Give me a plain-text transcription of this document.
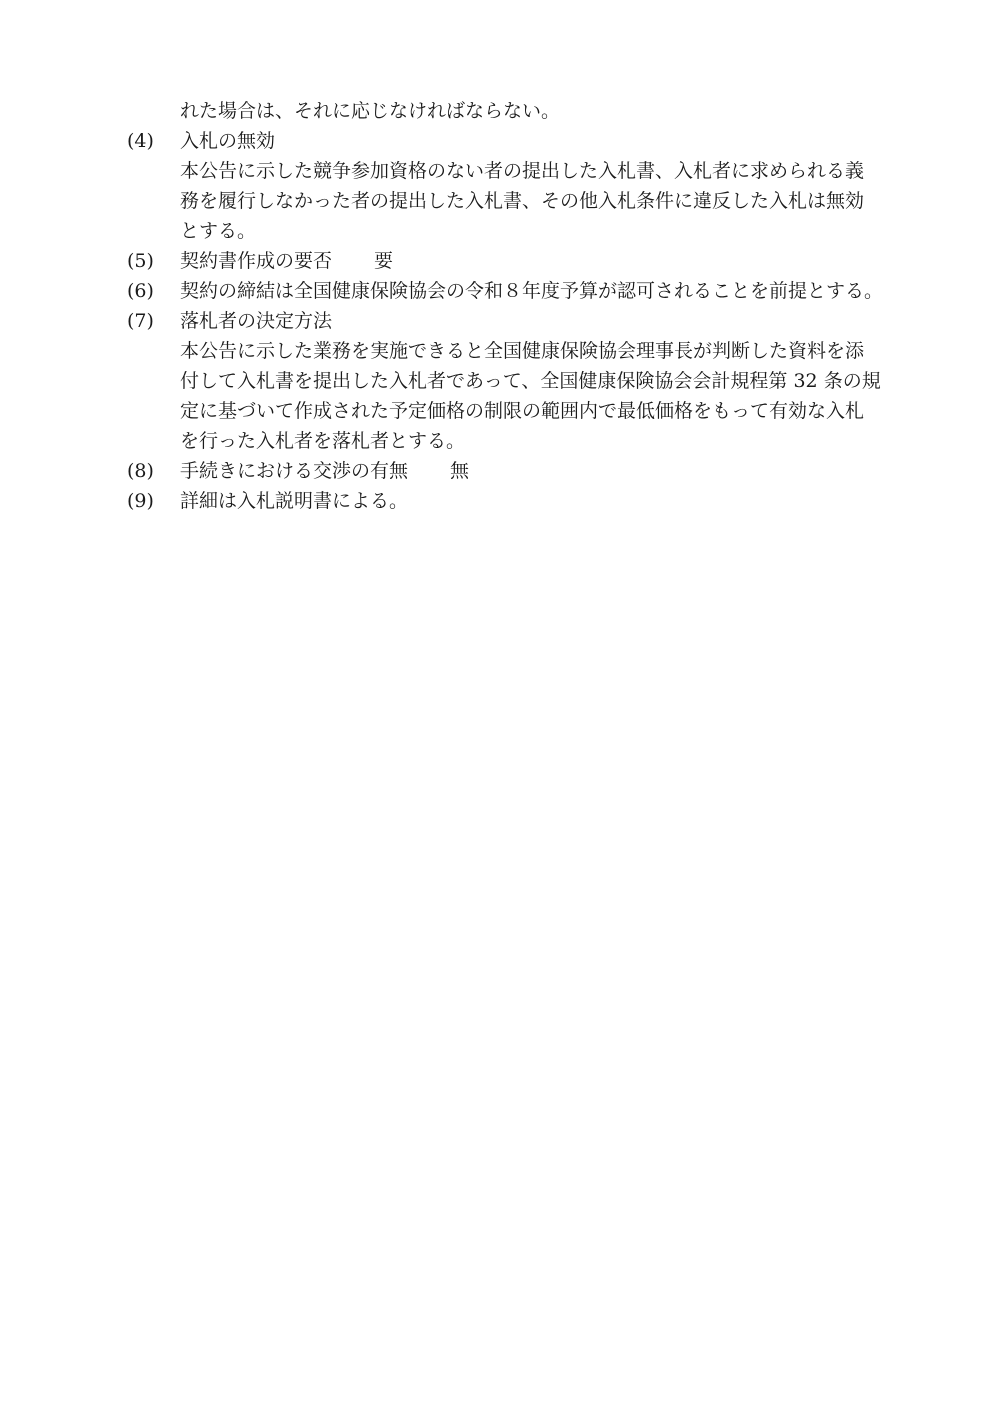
れた場合は、それに応じなければならない。
(4)	入札の無効
本公告に示した競争参加資格のない者の提出した入札書、入札者に求められる義
務を履行しなかった者の提出した入札書、その他入札条件に違反した入札は無効
とする。
(5)	契約書作成の要否 要
(6)	契約の締結は全国健康保険協会の令和８年度予算が認可されることを前提とする。
(7)	落札者の決定方法
本公告に示した業務を実施できると全国健康保険協会理事長が判断した資料を添
付して入札書を提出した入札者であって、全国健康保険協会会計規程第 32 条の規
定に基づいて作成された予定価格の制限の範囲内で最低価格をもって有効な入札
を行った入札者を落札者とする。
(8)	手続きにおける交渉の有無 無
(9)	詳細は入札説明書による。
